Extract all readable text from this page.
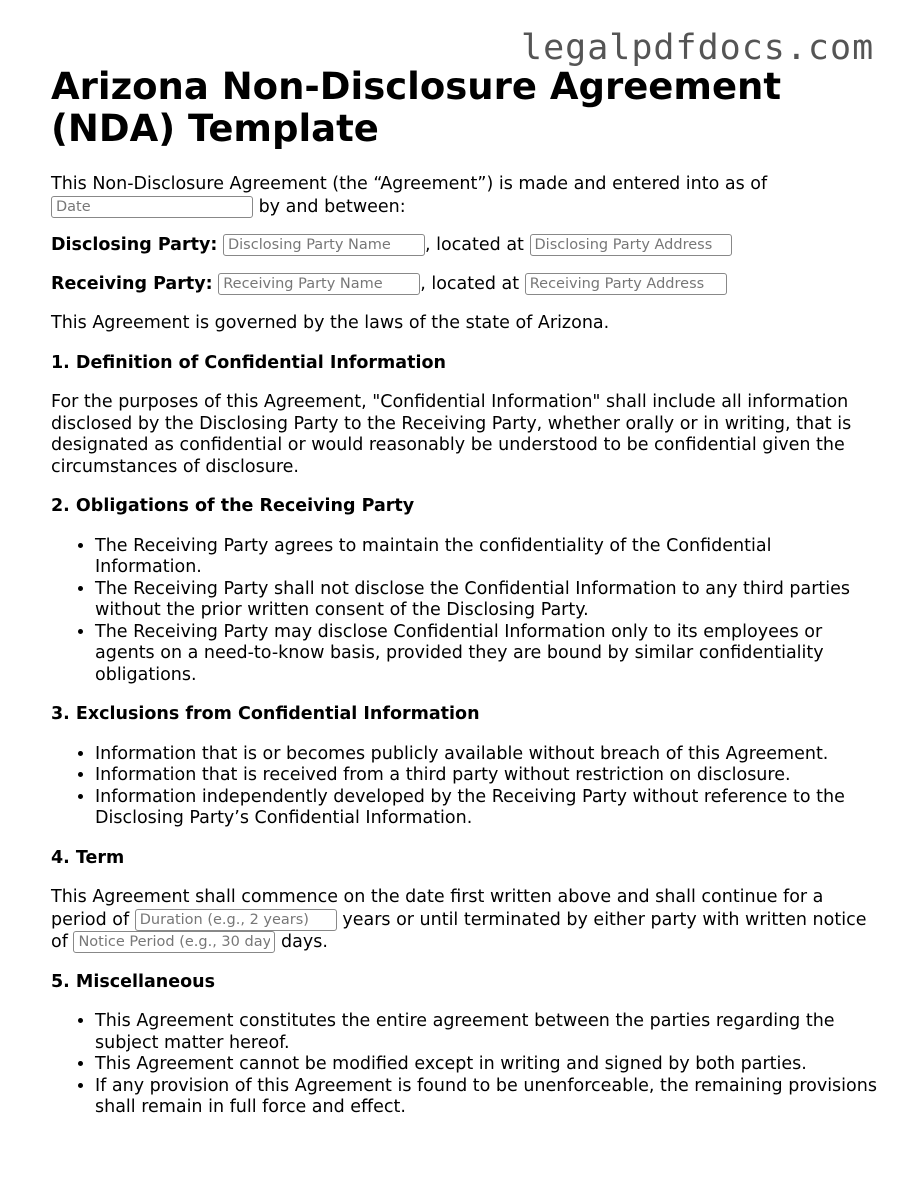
legalpdfdocs.com
Arizona Non-Disclosure Agreement (NDA) Template

This Non-Disclosure Agreement (the “Agreement”) is made and entered into as of Date by and between:

Disclosing Party: Disclosing Party Name	, located at Disclosing Party Address

Receiving Party: Receiving Party Name	, located at Receiving Party Address

This Agreement is governed by the laws of the state of Arizona.

1. Definition of Confidential Information

For the purposes of this Agreement, "Confidential Information" shall include all information disclosed by the Disclosing Party to the Receiving Party, whether orally or in writing, that is designated as confidential or would reasonably be understood to be confidential given the circumstances of disclosure.

2. Obligations of the Receiving Party
• The Receiving Party agrees to maintain the confidentiality of the Confidential Information.
• The Receiving Party shall not disclose the Confidential Information to any third parties without the prior written consent of the Disclosing Party.
• The Receiving Party may disclose Confidential Information only to its employees or agents on a need-to-know basis, provided they are bound by similar confidentiality obligations.
3. Exclusions from Confidential Information
• Information that is or becomes publicly available without breach of this Agreement.
• Information that is received from a third party without restriction on disclosure.
• Information independently developed by the Receiving Party without reference to the Disclosing Party’s Confidential Information.
4. Term

This Agreement shall commence on the date first written above and shall continue for a period of Duration (e.g., 2 years)	years or until terminated by either party with written notice of Notice Period (e.g., 30 days)	days.

5. Miscellaneous
• This Agreement constitutes the entire agreement between the parties regarding the subject matter hereof.
• This Agreement cannot be modified except in writing and signed by both parties.
• If any provision of this Agreement is found to be unenforceable, the remaining provisions shall remain in full force and effect.
